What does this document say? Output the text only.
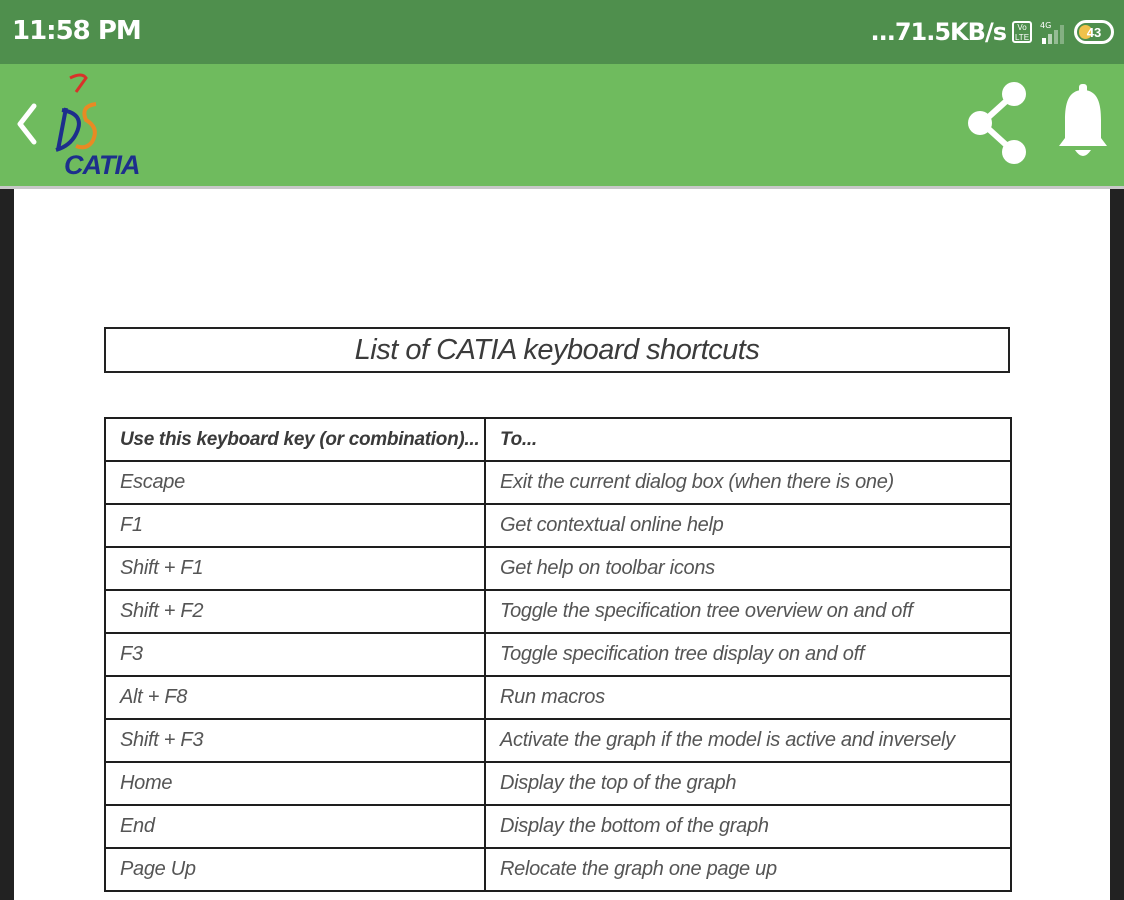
11:58 PM	...71.5KB/s	Vo LTE
4G	43
CATIA
List of CATIA keyboard shortcuts
Use this keyboard key (or combination)...	To...
Escape	Exit the current dialog box (when there is one)
F1	Get contextual online help
Shift + F1	Get help on toolbar icons
Shift + F2	Toggle the specification tree overview on and off
F3	Toggle specification tree display on and off
Alt + F8	Run macros
Shift + F3	Activate the graph if the model is active and inversely
Home	Display the top of the graph
End	Display the bottom of the graph
Page Up	Relocate the graph one page up
